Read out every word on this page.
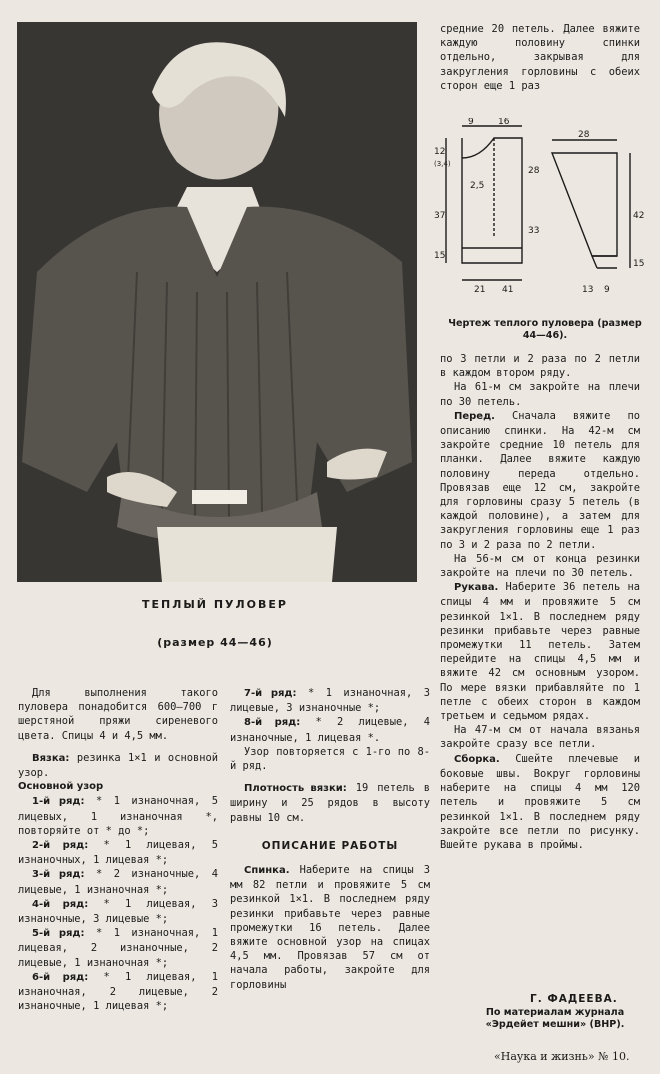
ТЕПЛЫЙ ПУЛОВЕР
(размер 44—46)

средние 20 петель. Далее вяжите каждую половину спинки отдельно, закрывая для закругления горловины с обеих сторон еще 1 раз

9	16
12
(3,4)
2,5
37
15
28
33
21 41
28
42
15
13 9
Чертеж теплого пуловера (размер 44—46).

по 3 петли и 2 раза по 2 петли в каждом втором ряду.

На 61-м см закройте на плечи по 30 петель.

Перед. Сначала вяжите по описанию спинки. На 42-м см закройте средние 10 петель для планки. Далее вяжите каждую половину переда отдельно. Провязав еще 12 см, закройте для горловины сразу 5 петель (в каждой половине), а затем для закругления горловины еще 1 раз по 3 и 2 раза по 2 петли.

На 56-м см от конца резинки закройте на плечи по 30 петель.

Рукава. Наберите 36 петель на спицы 4 мм и провяжите 5 см резинкой 1×1. В последнем ряду резинки прибавьте через равные промежутки 11 петель. Затем перейдите на спицы 4,5 мм и вяжите 42 см основным узором. По мере вязки прибавляйте по 1 петле с обеих сторон в каждом третьем и седьмом рядах.

На 47-м см от начала вязанья закройте сразу все петли.

Сборка. Сшейте плечевые и боковые швы. Вокруг горловины наберите на спицы 4 мм 120 петель и провяжите 5 см резинкой 1×1. В последнем ряду закройте все петли по рисунку. Вшейте рукава в проймы.

Для выполнения такого пуловера понадобится 600—700 г шерстяной пряжи сиреневого цвета. Спицы 4 и 4,5 мм.

Вязка: резинка 1×1 и основной узор.

Основной узор

1-й ряд: * 1 изнаночная, 5 лицевых, 1 изнаночная *, повторяйте от * до *;

2-й ряд: * 1 лицевая, 5 изнаночных, 1 лицевая *;

3-й ряд: * 2 изнаночные, 4 лицевые, 1 изнаночная *;

4-й ряд: * 1 лицевая, 3 изнаночные, 3 лицевые *;

5-й ряд: * 1 изнаночная, 1 лицевая, 2 изнаночные, 2 лицевые, 1 изнаночная *;

6-й ряд: * 1 лицевая, 1 изнаночная, 2 лицевые, 2 изнаночные, 1 лицевая *;

7-й ряд: * 1 изнаночная, 3 лицевые, 3 изнаночные *;

8-й ряд: * 2 лицевые, 4 изнаночные, 1 лицевая *.

Узор повторяется с 1-го по 8-й ряд.

Плотность вязки: 19 петель в ширину и 25 рядов в высоту равны 10 см.

ОПИСАНИЕ РАБОТЫ

Спинка. Наберите на спицы 3 мм 82 петли и провяжите 5 см резинкой 1×1. В последнем ряду резинки прибавьте через равные промежутки 16 петель. Далее вяжите основной узор на спицах 4,5 мм. Провязав 57 см от начала работы, закройте для горловины

Г. ФАДЕЕВА.
По материалам журнала «Эрдейет мешни» (ВНР).
«Наука и жизнь» № 10.
